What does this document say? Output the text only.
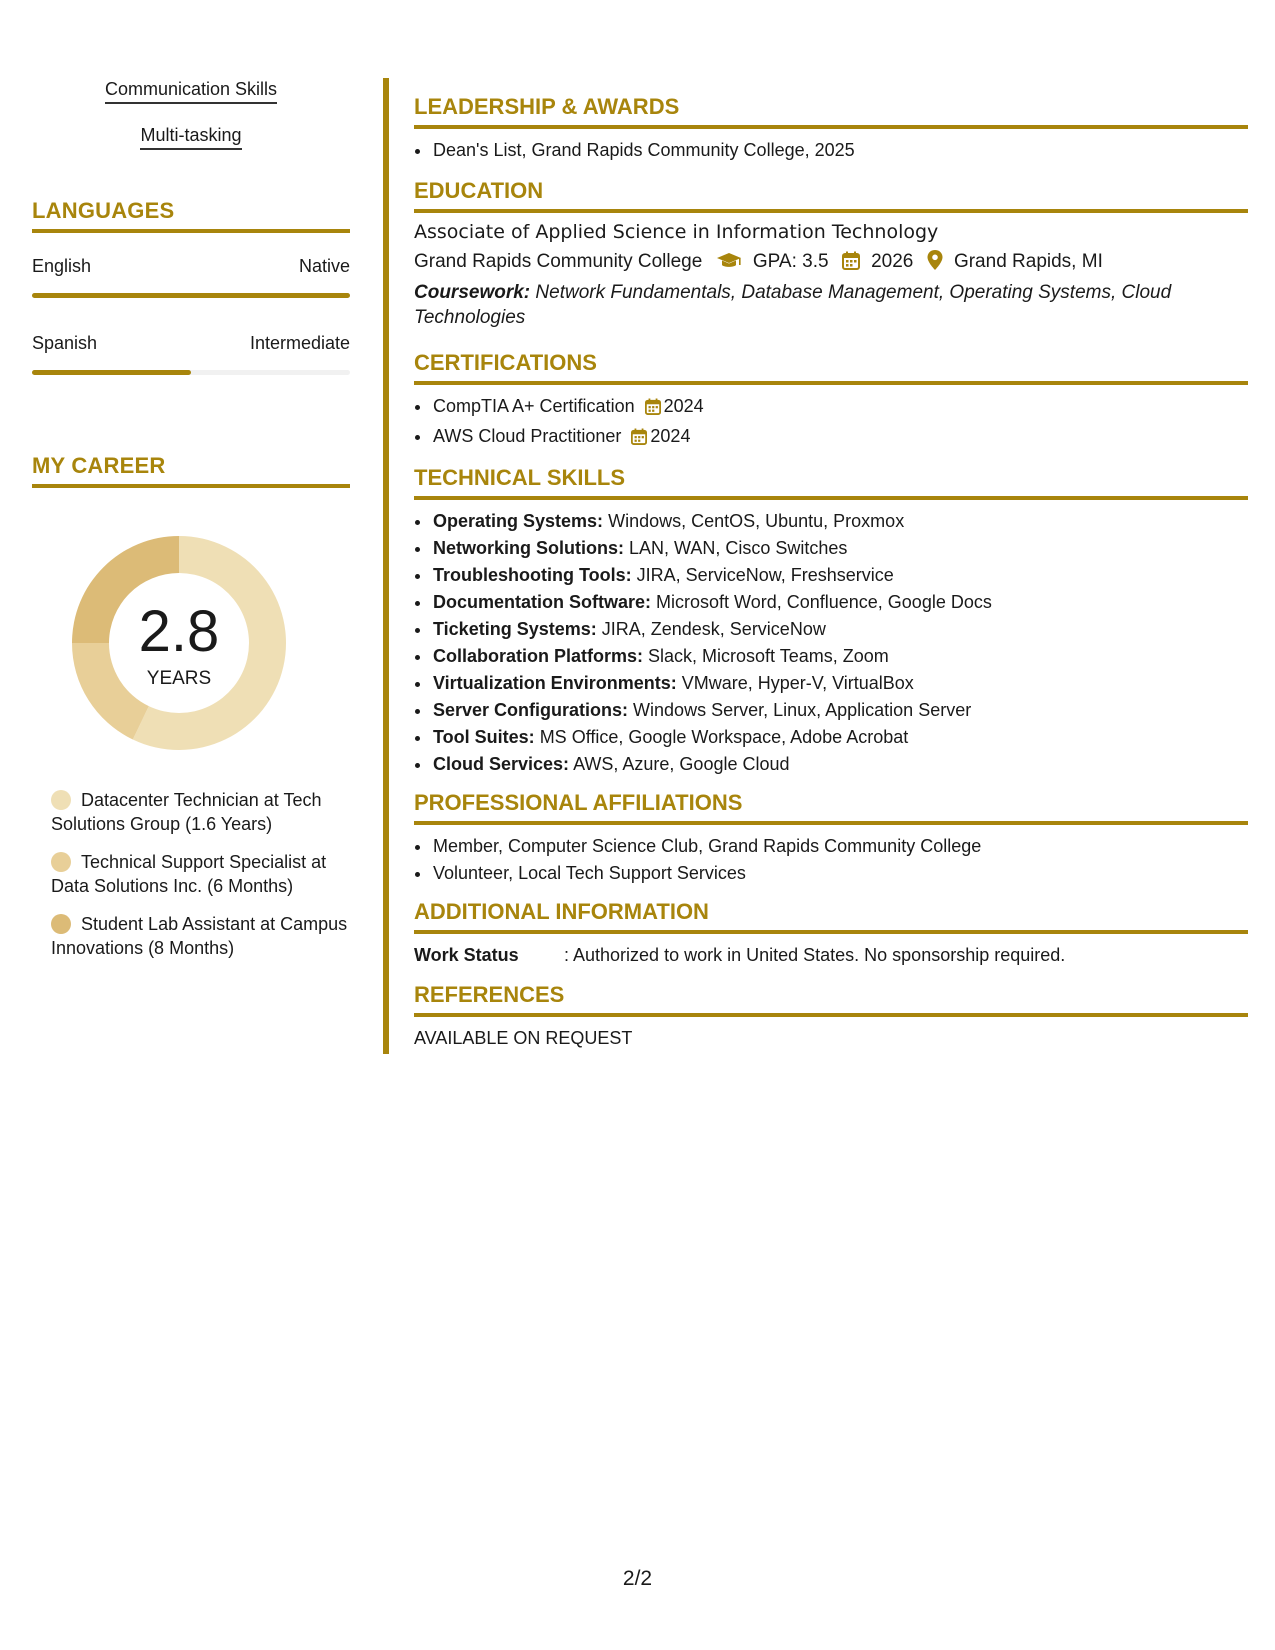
Communication Skills
Multi-tasking
LANGUAGES
English	Native
Spanish	Intermediate
MY CAREER
2.8
YEARS
Datacenter Technician at Tech Solutions Group (1.6 Years)
Technical Support Specialist at Data Solutions Inc. (6 Months)
Student Lab Assistant at Campus Innovations (8 Months)
LEADERSHIP & AWARDS
• Dean's List, Grand Rapids Community College, 2025
EDUCATION
Associate of Applied Science in Information Technology
Grand Rapids Community College	GPA: 3.5 2026 Grand Rapids, MI
Coursework: Network Fundamentals, Database Management, Operating Systems, Cloud Technologies
CERTIFICATIONS
• CompTIA A+ Certification 2024
• AWS Cloud Practitioner 2024
TECHNICAL SKILLS
• Operating Systems: Windows, CentOS, Ubuntu, Proxmox
• Networking Solutions: LAN, WAN, Cisco Switches
• Troubleshooting Tools: JIRA, ServiceNow, Freshservice
• Documentation Software: Microsoft Word, Confluence, Google Docs
• Ticketing Systems: JIRA, Zendesk, ServiceNow
• Collaboration Platforms: Slack, Microsoft Teams, Zoom
• Virtualization Environments: VMware, Hyper-V, VirtualBox
• Server Configurations: Windows Server, Linux, Application Server
• Tool Suites: MS Office, Google Workspace, Adobe Acrobat
• Cloud Services: AWS, Azure, Google Cloud
PROFESSIONAL AFFILIATIONS
• Member, Computer Science Club, Grand Rapids Community College
• Volunteer, Local Tech Support Services
ADDITIONAL INFORMATION
Work Status	: Authorized to work in United States. No sponsorship required.
REFERENCES
AVAILABLE ON REQUEST
2/2
